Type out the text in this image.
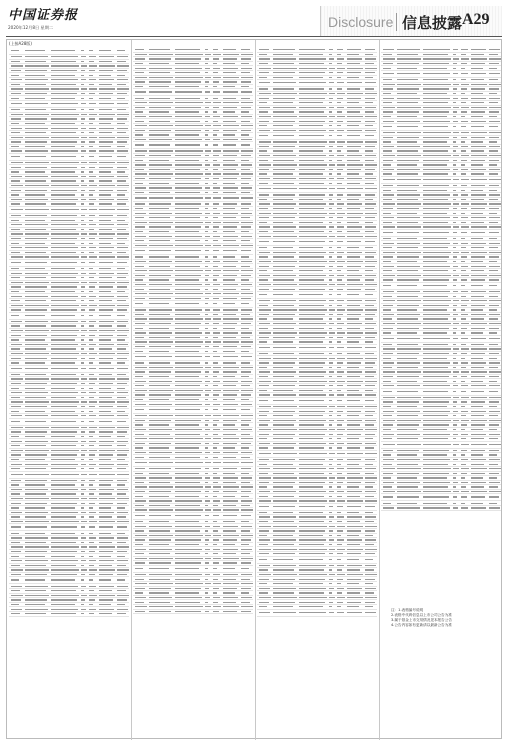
中国证券报
2020年12月8日 星期二	Disclosure 信息披露 A29
(上接A28版)
注：1.表格编号说明
2.表格中代码信息以上市公司公告为准
3.属于基金上市交易情况见本报告公告
4.公告内容如有更新请以最新公告为准
